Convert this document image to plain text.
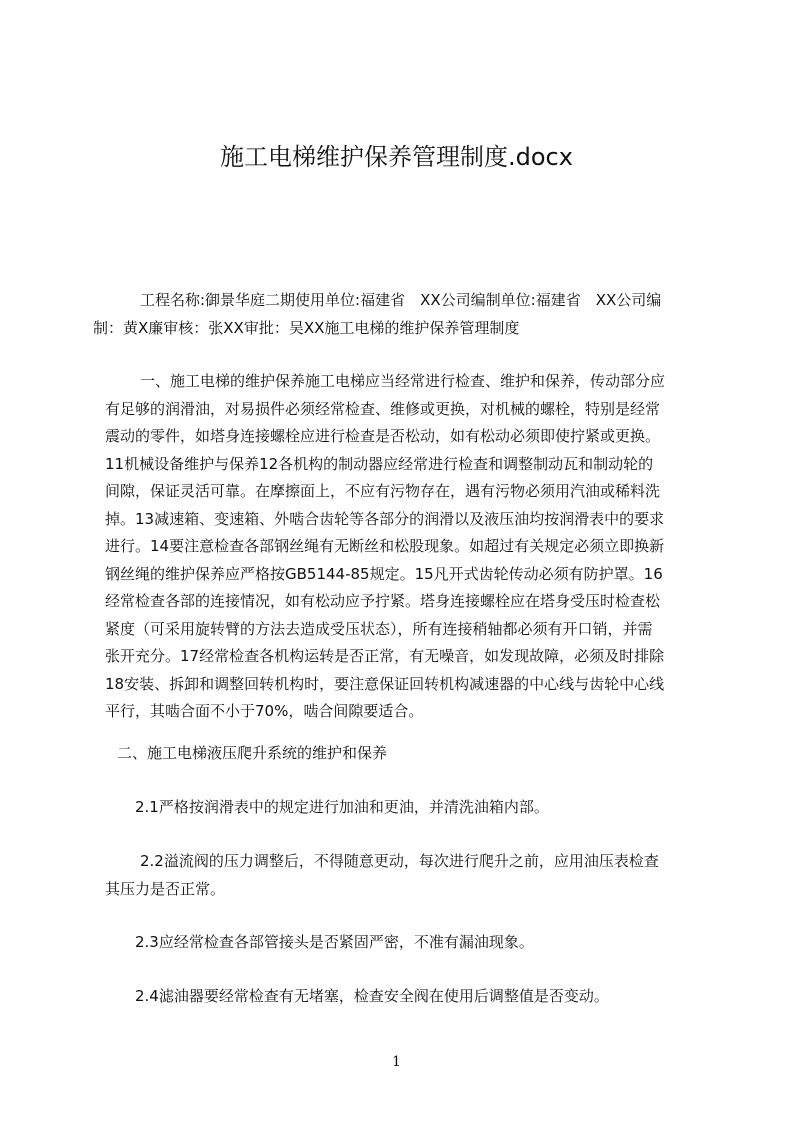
施工电梯维护保养管理制度.docx
工程名称:御景华庭二期使用单位:福建省　XX公司编制单位:福建省　XX公司编
制：黄X廉审核：张XX审批：吴XX施工电梯的维护保养管理制度
一、施工电梯的维护保养施工电梯应当经常进行检查、维护和保养，传动部分应
有足够的润滑油，对易损件必须经常检查、维修或更换，对机械的螺栓，特别是经常
震动的零件，如塔身连接螺栓应进行检查是否松动，如有松动必须即使拧紧或更换。
11机械设备维护与保养12各机构的制动器应经常进行检查和调整制动瓦和制动轮的
间隙，保证灵活可靠。在摩擦面上，不应有污物存在，遇有污物必须用汽油或稀料洗
掉。13减速箱、变速箱、外啮合齿轮等各部分的润滑以及液压油均按润滑表中的要求
进行。14要注意检查各部钢丝绳有无断丝和松股现象。如超过有关规定必须立即换新
钢丝绳的维护保养应严格按GB5144-85规定。15凡开式齿轮传动必须有防护罩。16
经常检查各部的连接情况，如有松动应予拧紧。塔身连接螺栓应在塔身受压时检查松
紧度（可采用旋转臂的方法去造成受压状态），所有连接稍轴都必须有开口销，并需
张开充分。17经常检查各机构运转是否正常，有无噪音，如发现故障，必须及时排除
18安装、拆卸和调整回转机构时，要注意保证回转机构减速器的中心线与齿轮中心线
平行，其啮合面不小于70%，啮合间隙要适合。
二、施工电梯液压爬升系统的维护和保养
2.1严格按润滑表中的规定进行加油和更油，并清洗油箱内部。
2.2溢流阀的压力调整后，不得随意更动，每次进行爬升之前，应用油压表检查
其压力是否正常。
2.3应经常检查各部管接头是否紧固严密，不准有漏油现象。
2.4滤油器要经常检查有无堵塞，检查安全阀在使用后调整值是否变动。
1
